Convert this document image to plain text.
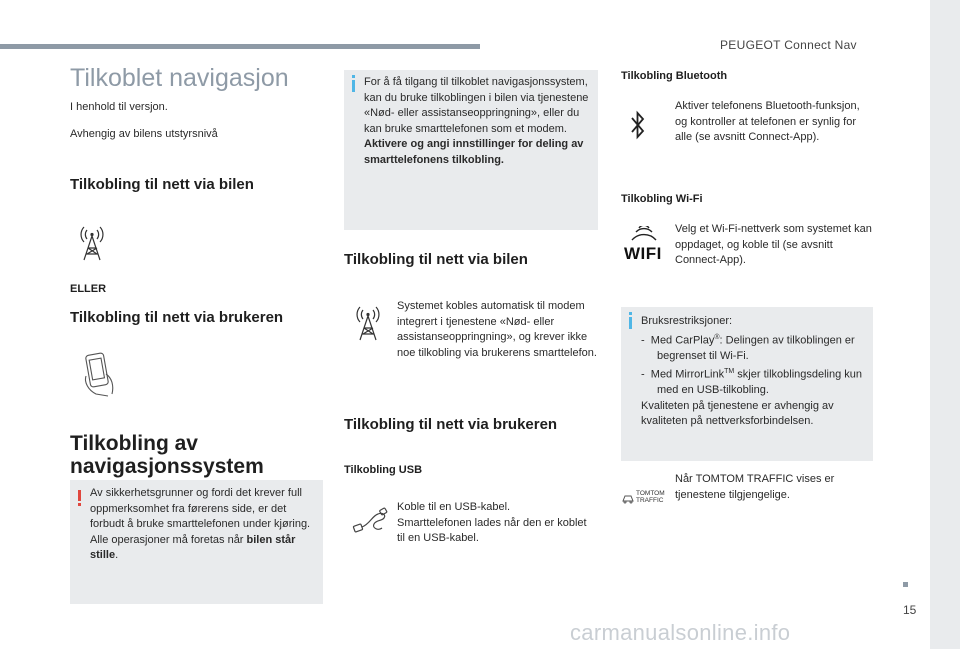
PEUGEOT Connect Nav
15
carmanualsonline.info
Tilkoblet navigasjon
I henhold til versjon.
Avhengig av bilens utstyrsnivå
Tilkobling til nett via bilen
ELLER
Tilkobling til nett via brukeren
Tilkobling av
navigasjonssystem
Av sikkerhetsgrunner og fordi det krever full oppmerksomhet fra førerens side, er det forbudt å bruke smarttelefonen under kjøring.
Alle operasjoner må foretas når bilen står stille.
For å få tilgang til tilkoblet navigasjonssystem, kan du bruke tilkoblingen i bilen via tjenestene «Nød- eller assistanseoppringning», eller du kan bruke smarttelefonen som et modem.
Aktivere og angi innstillinger for deling av smarttelefonens tilkobling.
Tilkobling til nett via bilen
Systemet kobles automatisk til modem integrert i tjenestene «Nød- eller assistanseoppringning», og krever ikke noe tilkobling via brukerens smarttelefon.
Tilkobling til nett via brukeren
Tilkobling USB
Koble til en USB-kabel. Smarttelefonen lades når den er koblet til en USB-kabel.
Tilkobling Bluetooth
Aktiver telefonens Bluetooth-funksjon, og kontroller at telefonen er synlig for alle (se avsnitt Connect-App).
Tilkobling Wi-Fi
WIFI
Velg et Wi-Fi-nettverk som systemet kan oppdaget, og koble til (se avsnitt Connect-App).
Bruksrestriksjoner:
-  Med CarPlay®: Delingen av tilkoblingen er begrenset til Wi-Fi.
-  Med MirrorLink™ skjer tilkoblingsdeling kun med en USB-tilkobling.
Kvaliteten på tjenestene er avhengig av kvaliteten på nettverksforbindelsen.
TOMTOM
TRAFFIC
Når TOMTOM TRAFFIC vises er tjenestene tilgjengelige.
